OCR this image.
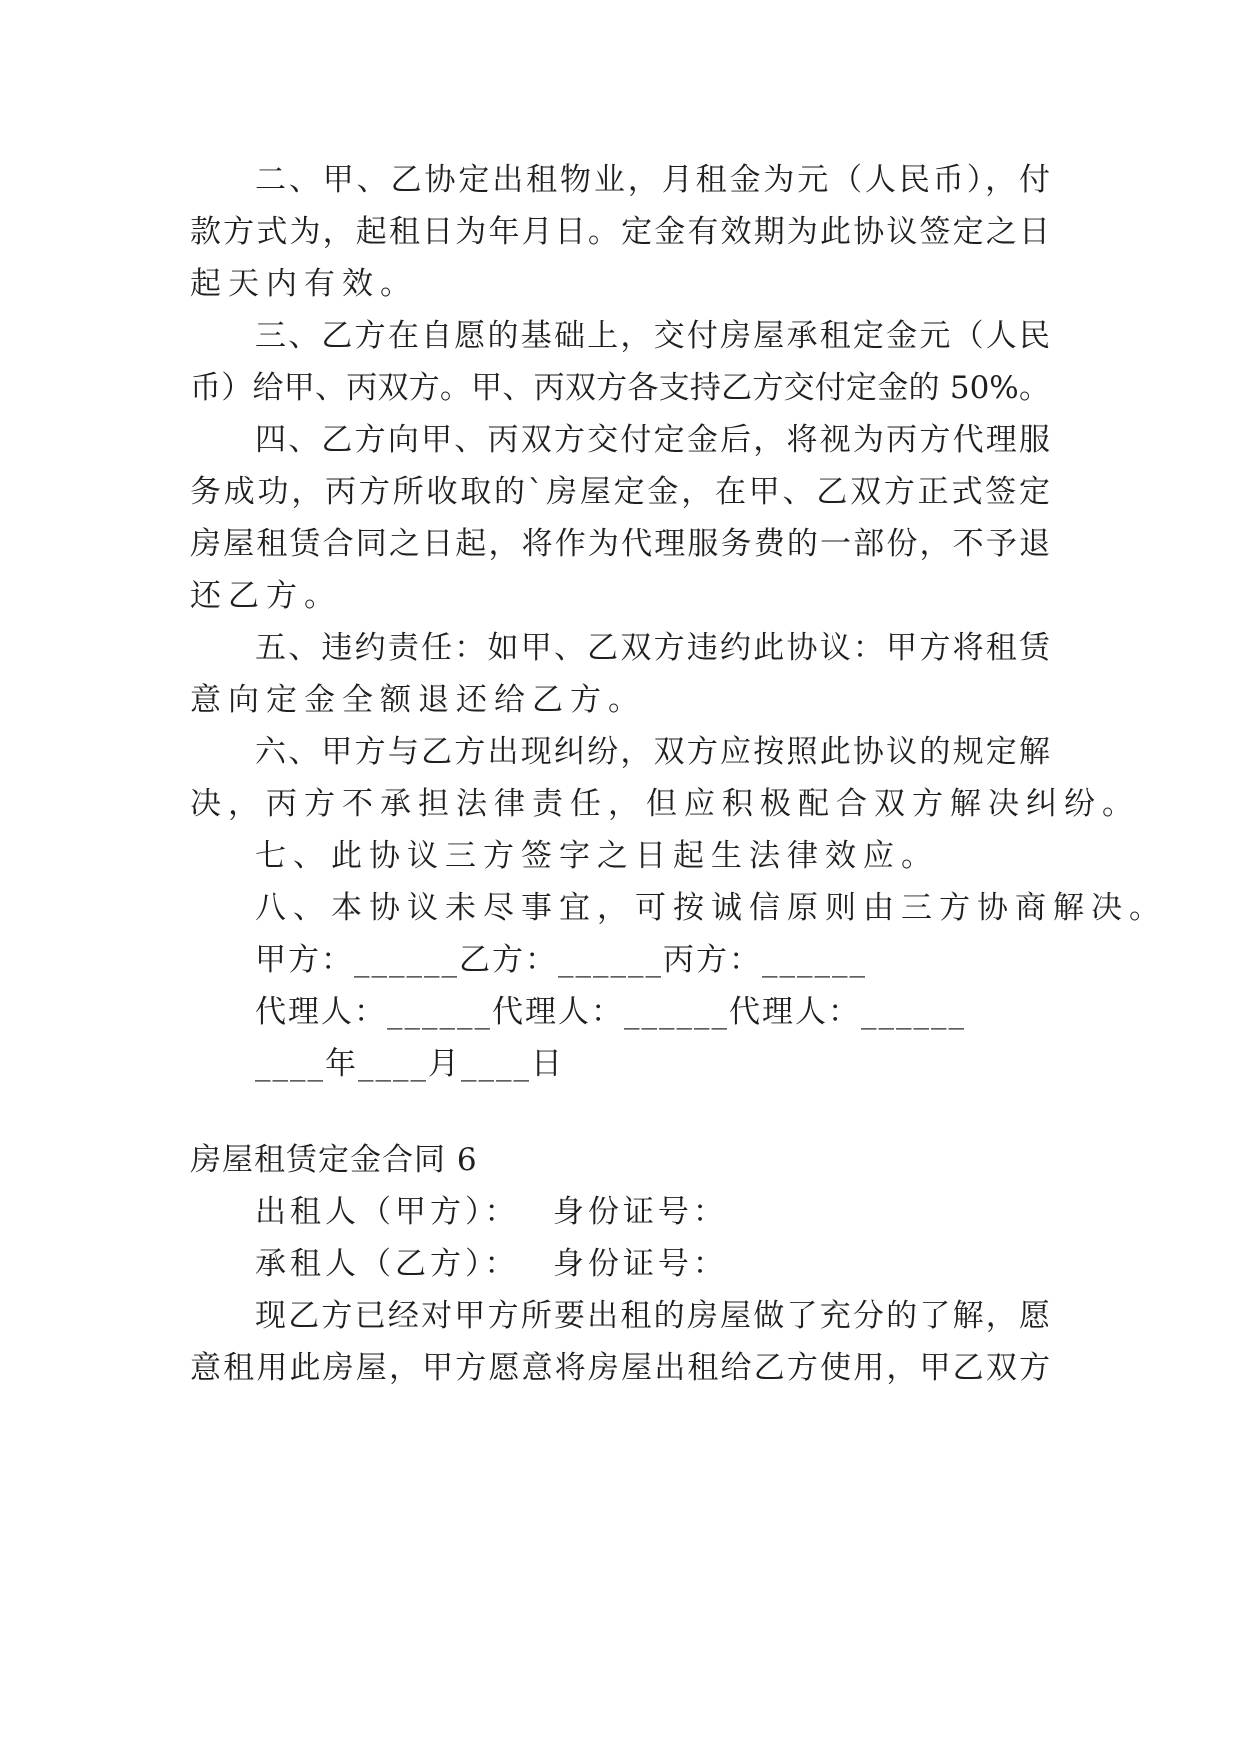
二、甲、乙协定出租物业，月租金为元（人民币），付
款方式为，起租日为年月日。定金有效期为此协议签定之日
起天内有效。
三、乙方在自愿的基础上，交付房屋承租定金元（人民
币）给甲、丙双方。甲、丙双方各支持乙方交付定金的 50%。
四、乙方向甲、丙双方交付定金后，将视为丙方代理服
务成功，丙方所收取的`房屋定金，在甲、乙双方正式签定
房屋租赁合同之日起，将作为代理服务费的一部份，不予退
还乙方。
五、违约责任：如甲、乙双方违约此协议：甲方将租赁
意向定金全额退还给乙方。
六、甲方与乙方出现纠纷，双方应按照此协议的规定解
决，丙方不承担法律责任，但应积极配合双方解决纠纷。
七、此协议三方签字之日起生法律效应。
八、本协议未尽事宜，可按诚信原则由三方协商解决。
甲方：______乙方：______丙方：______
代理人：______代理人：______代理人：______
____年____月____日
房屋租赁定金合同 6
出租人（甲方）：　 身份证号：
承租人（乙方）：　 身份证号：
现乙方已经对甲方所要出租的房屋做了充分的了解，愿
意租用此房屋，甲方愿意将房屋出租给乙方使用，甲乙双方
